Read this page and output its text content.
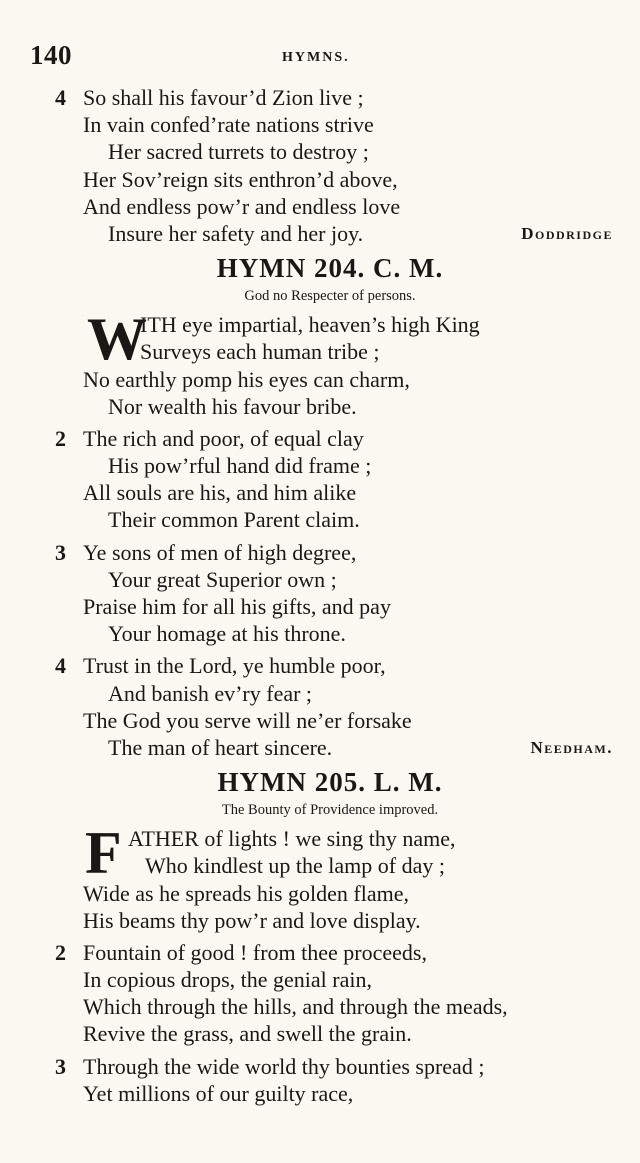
140	HYMNS.
4 So shall his favour’d Zion live ;
In vain confed’rate nations strive
Her sacred turrets to destroy ;
Her Sov’reign sits enthron’d above,
And endless pow’r and endless love
Insure her safety and her joy.	Doddridge
HYMN 204. C. M.
God no Respecter of persons.
W
ITH eye impartial, heaven’s high King
Surveys each human tribe ;
No earthly pomp his eyes can charm,
Nor wealth his favour bribe.
2 The rich and poor, of equal clay
His pow’rful hand did frame ;
All souls are his, and him alike
Their common Parent claim.
3 Ye sons of men of high degree,
Your great Superior own ;
Praise him for all his gifts, and pay
Your homage at his throne.
4 Trust in the Lord, ye humble poor,
And banish ev’ry fear ;
The God you serve will ne’er forsake
The man of heart sincere.	Needham.
HYMN 205. L. M.
The Bounty of Providence improved.
F ATHER of lights ! we sing thy name,
Who kindlest up the lamp of day ;
Wide as he spreads his golden flame,
His beams thy pow’r and love display.
2 Fountain of good ! from thee proceeds,
In copious drops, the genial rain,
Which through the hills, and through the meads,
Revive the grass, and swell the grain.
3 Through the wide world thy bounties spread ;
Yet millions of our guilty race,
